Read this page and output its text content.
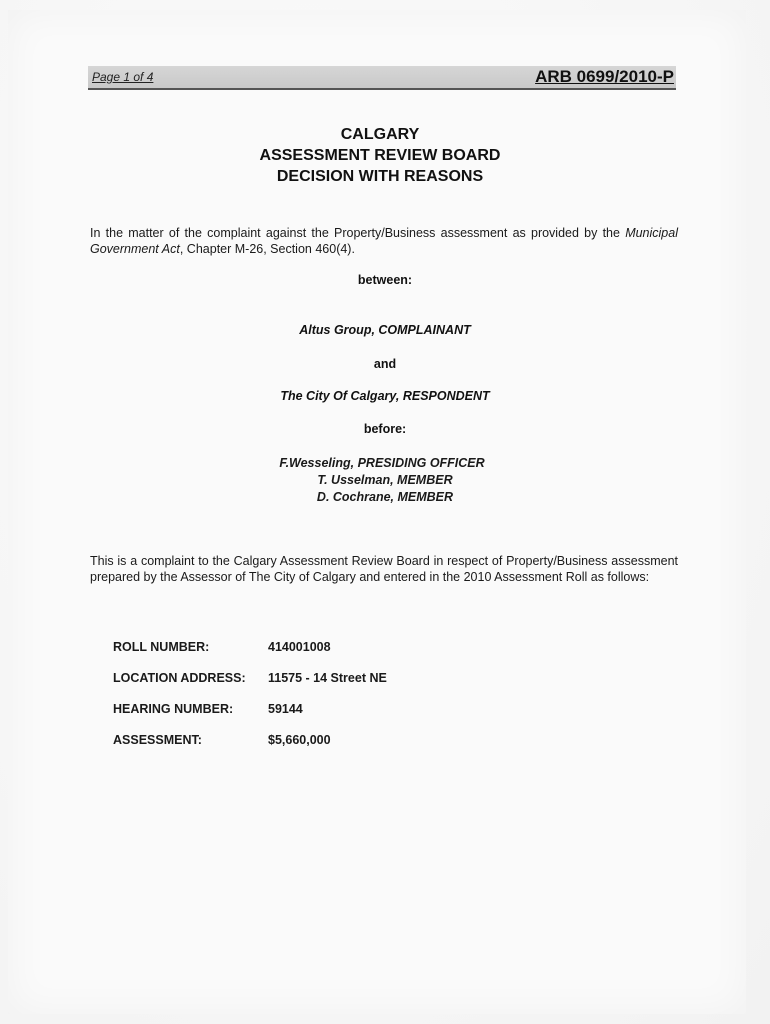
Page 1 of 4	ARB 0699/2010-P
CALGARY
ASSESSMENT REVIEW BOARD
DECISION WITH REASONS
In the matter of the complaint against the Property/Business assessment as provided by the Municipal Government Act, Chapter M-26, Section 460(4).
between:
Altus Group, COMPLAINANT
and
The City Of Calgary, RESPONDENT
before:
F.Wesseling, PRESIDING OFFICER
T. Usselman, MEMBER
D. Cochrane, MEMBER
This is a complaint to the Calgary Assessment Review Board in respect of Property/Business assessment prepared by the Assessor of The City of Calgary and entered in the 2010 Assessment Roll as follows:
ROLL NUMBER:	414001008
LOCATION ADDRESS: 11575 - 14 Street NE
HEARING NUMBER:	59144
ASSESSMENT:	$5,660,000
